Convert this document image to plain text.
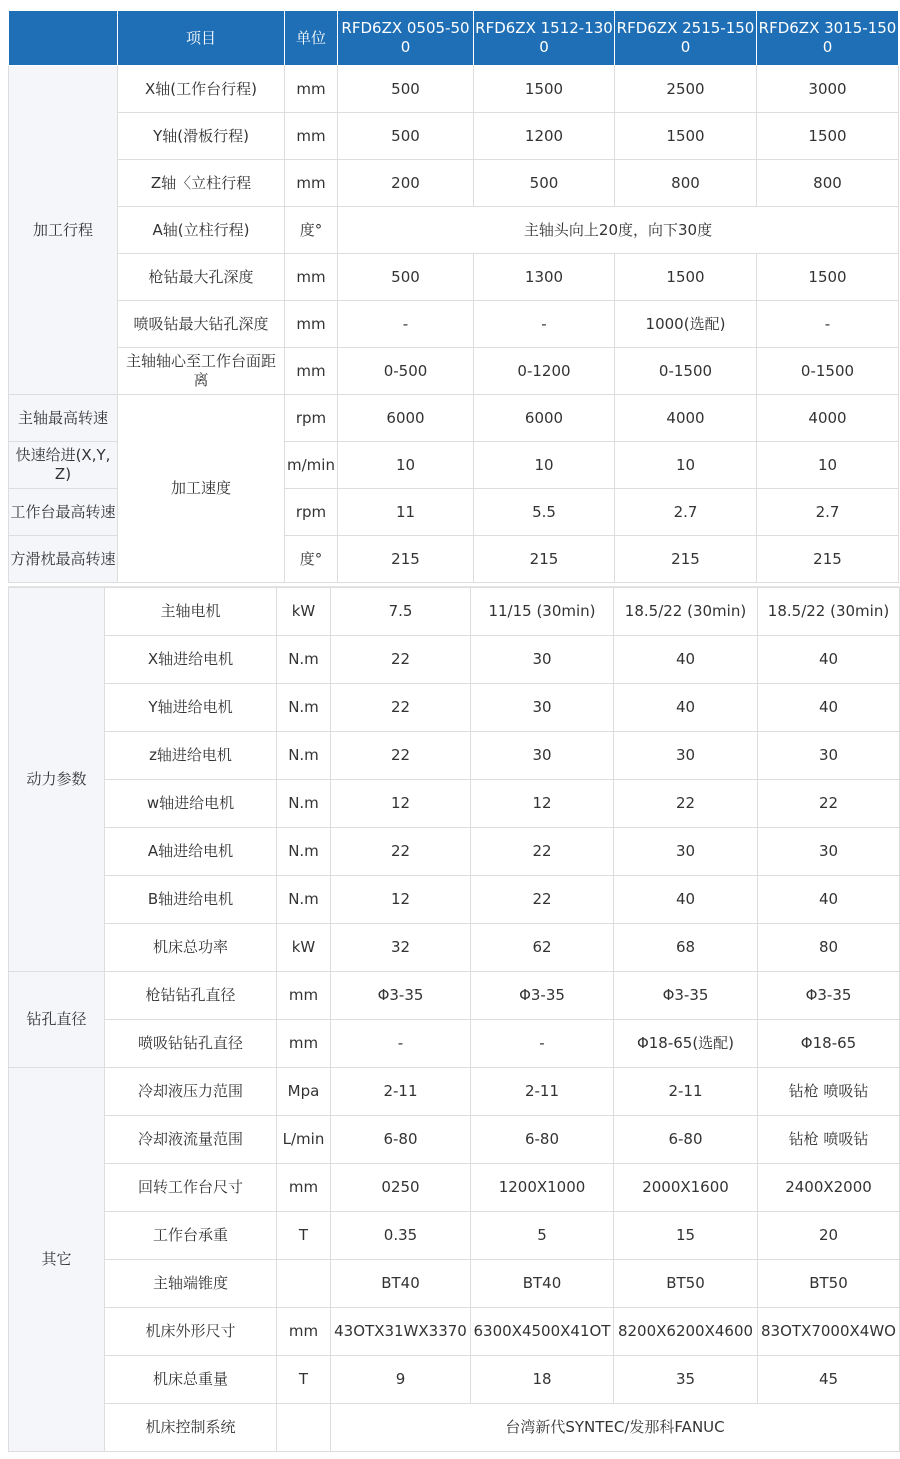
	项目	单位	RFD6ZX 0505-500	RFD6ZX 1512-1300	RFD6ZX 2515-1500	RFD6ZX 3015-1500
加工行程	X轴(工作台行程)	mm	500	1500	2500	3000
	Y轴(滑板行程)	mm	500	1200	1500	1500
	Z轴〈立柱行程	mm	200	500	800	800
	A轴(立柱行程)	度°	主轴头向上20度，向下30度			
	枪钻最大孔深度	mm	500	1300	1500	1500
	喷吸钻最大钻孔深度	mm	-	-	1000(选配)	-
	主轴轴心至工作台面距离	mm	0-500	0-1200	0-1500	0-1500
主轴最高转速	加工速度	rpm	6000	6000	4000	4000
快速给进(X,Y,Z)		m/min	10	10	10	10
工作台最高转速		rpm	11	5.5	2.7	2.7
方滑枕最高转速		度°	215	215	215	215
动力参数	主轴电机	kW	7.5	11/15 (30min)	18.5/22 (30min)	18.5/22 (30min)
	X轴进给电机	N.m	22	30	40	40
	Y轴进给电机	N.m	22	30	40	40
	z轴进给电机	N.m	22	30	30	30
	w轴进给电机	N.m	12	12	22	22
	A轴进给电机	N.m	22	22	30	30
	B轴进给电机	N.m	12	22	40	40
	机床总功率	kW	32	62	68	80
钻孔直径	枪钻钻孔直径	mm	Φ3-35	Φ3-35	Φ3-35	Φ3-35
	喷吸钻钻孔直径	mm	-	-	Φ18-65(选配)	Φ18-65
其它	冷却液压力范围	Mpa	2-11	2-11	2-11	钻枪 喷吸钻
	冷却液流量范围	L/min	6-80	6-80	6-80	钻枪 喷吸钻
	回转工作台尺寸	mm	0250	1200X1000	2000X1600	2400X2000
	工作台承重	T	0.35	5	15	20
	主轴端锥度		BT40	BT40	BT50	BT50
	机床外形尺寸	mm	43OTX31WX3370	6300X4500X41OT	8200X6200X4600	83OTX7000X4WO
	机床总重量	T	9	18	35	45
	机床控制系统		台湾新代SYNTEC/发那科FANUC			
